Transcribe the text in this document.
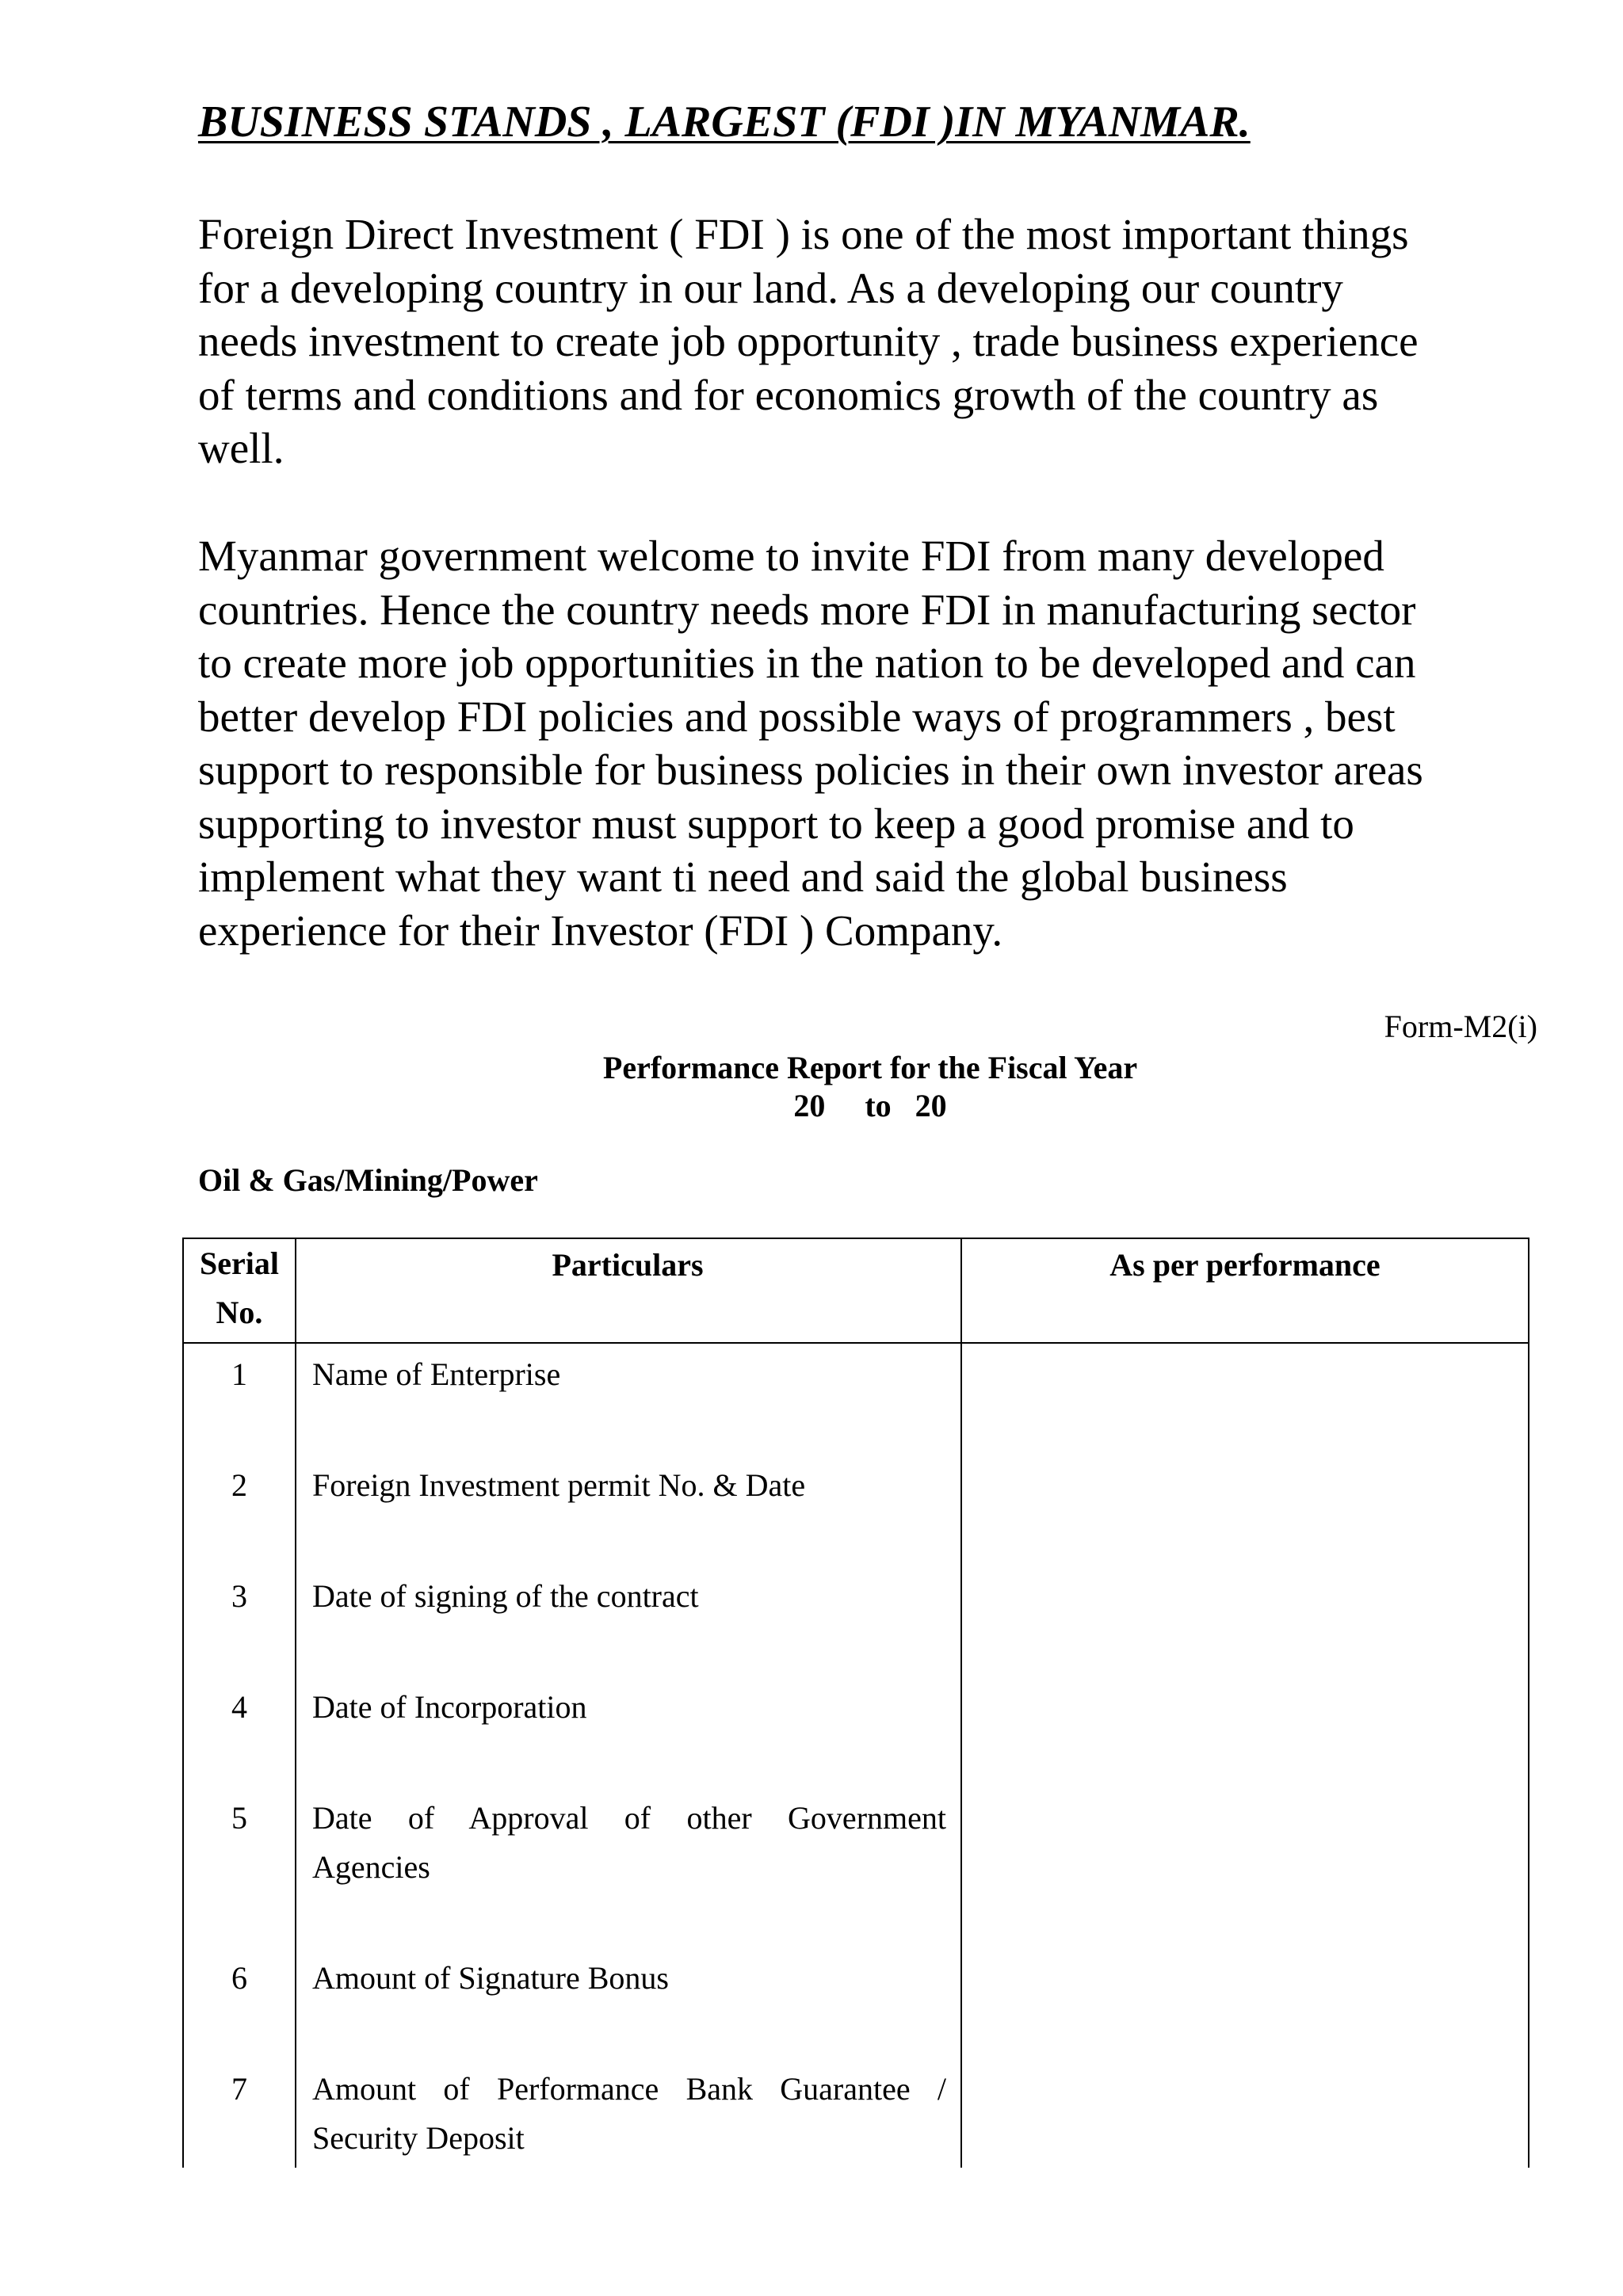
BUSINESS STANDS , LARGEST (FDI )IN MYANMAR.
Foreign Direct Investment ( FDI ) is one of the most important things
for a developing country in our land. As a developing our country
needs investment to create job opportunity , trade business experience
of terms and conditions and for economics growth of the country as
well.
Myanmar government welcome to invite FDI from many developed
countries. Hence the country needs more FDI in manufacturing sector
to create more job opportunities in the nation to be developed and can
better develop FDI policies and possible ways of programmers , best
support to responsible for business policies in their own investor areas
supporting to investor must support to keep a good promise and to
implement what they want ti need and said the global business
experience for their Investor (FDI ) Company.
Form-M2(i)
Performance Report for the Fiscal Year
20     to   20
Oil & Gas/Mining/Power
Serial
No.
Particulars	As per performance
1	Name of Enterprise
2	Foreign Investment permit No. & Date
3	Date of signing of the contract
4	Date of Incorporation
5	Date of Approval of other Government
Agencies
6	Amount of Signature Bonus
7	Amount of Performance Bank Guarantee /
Security Deposit
